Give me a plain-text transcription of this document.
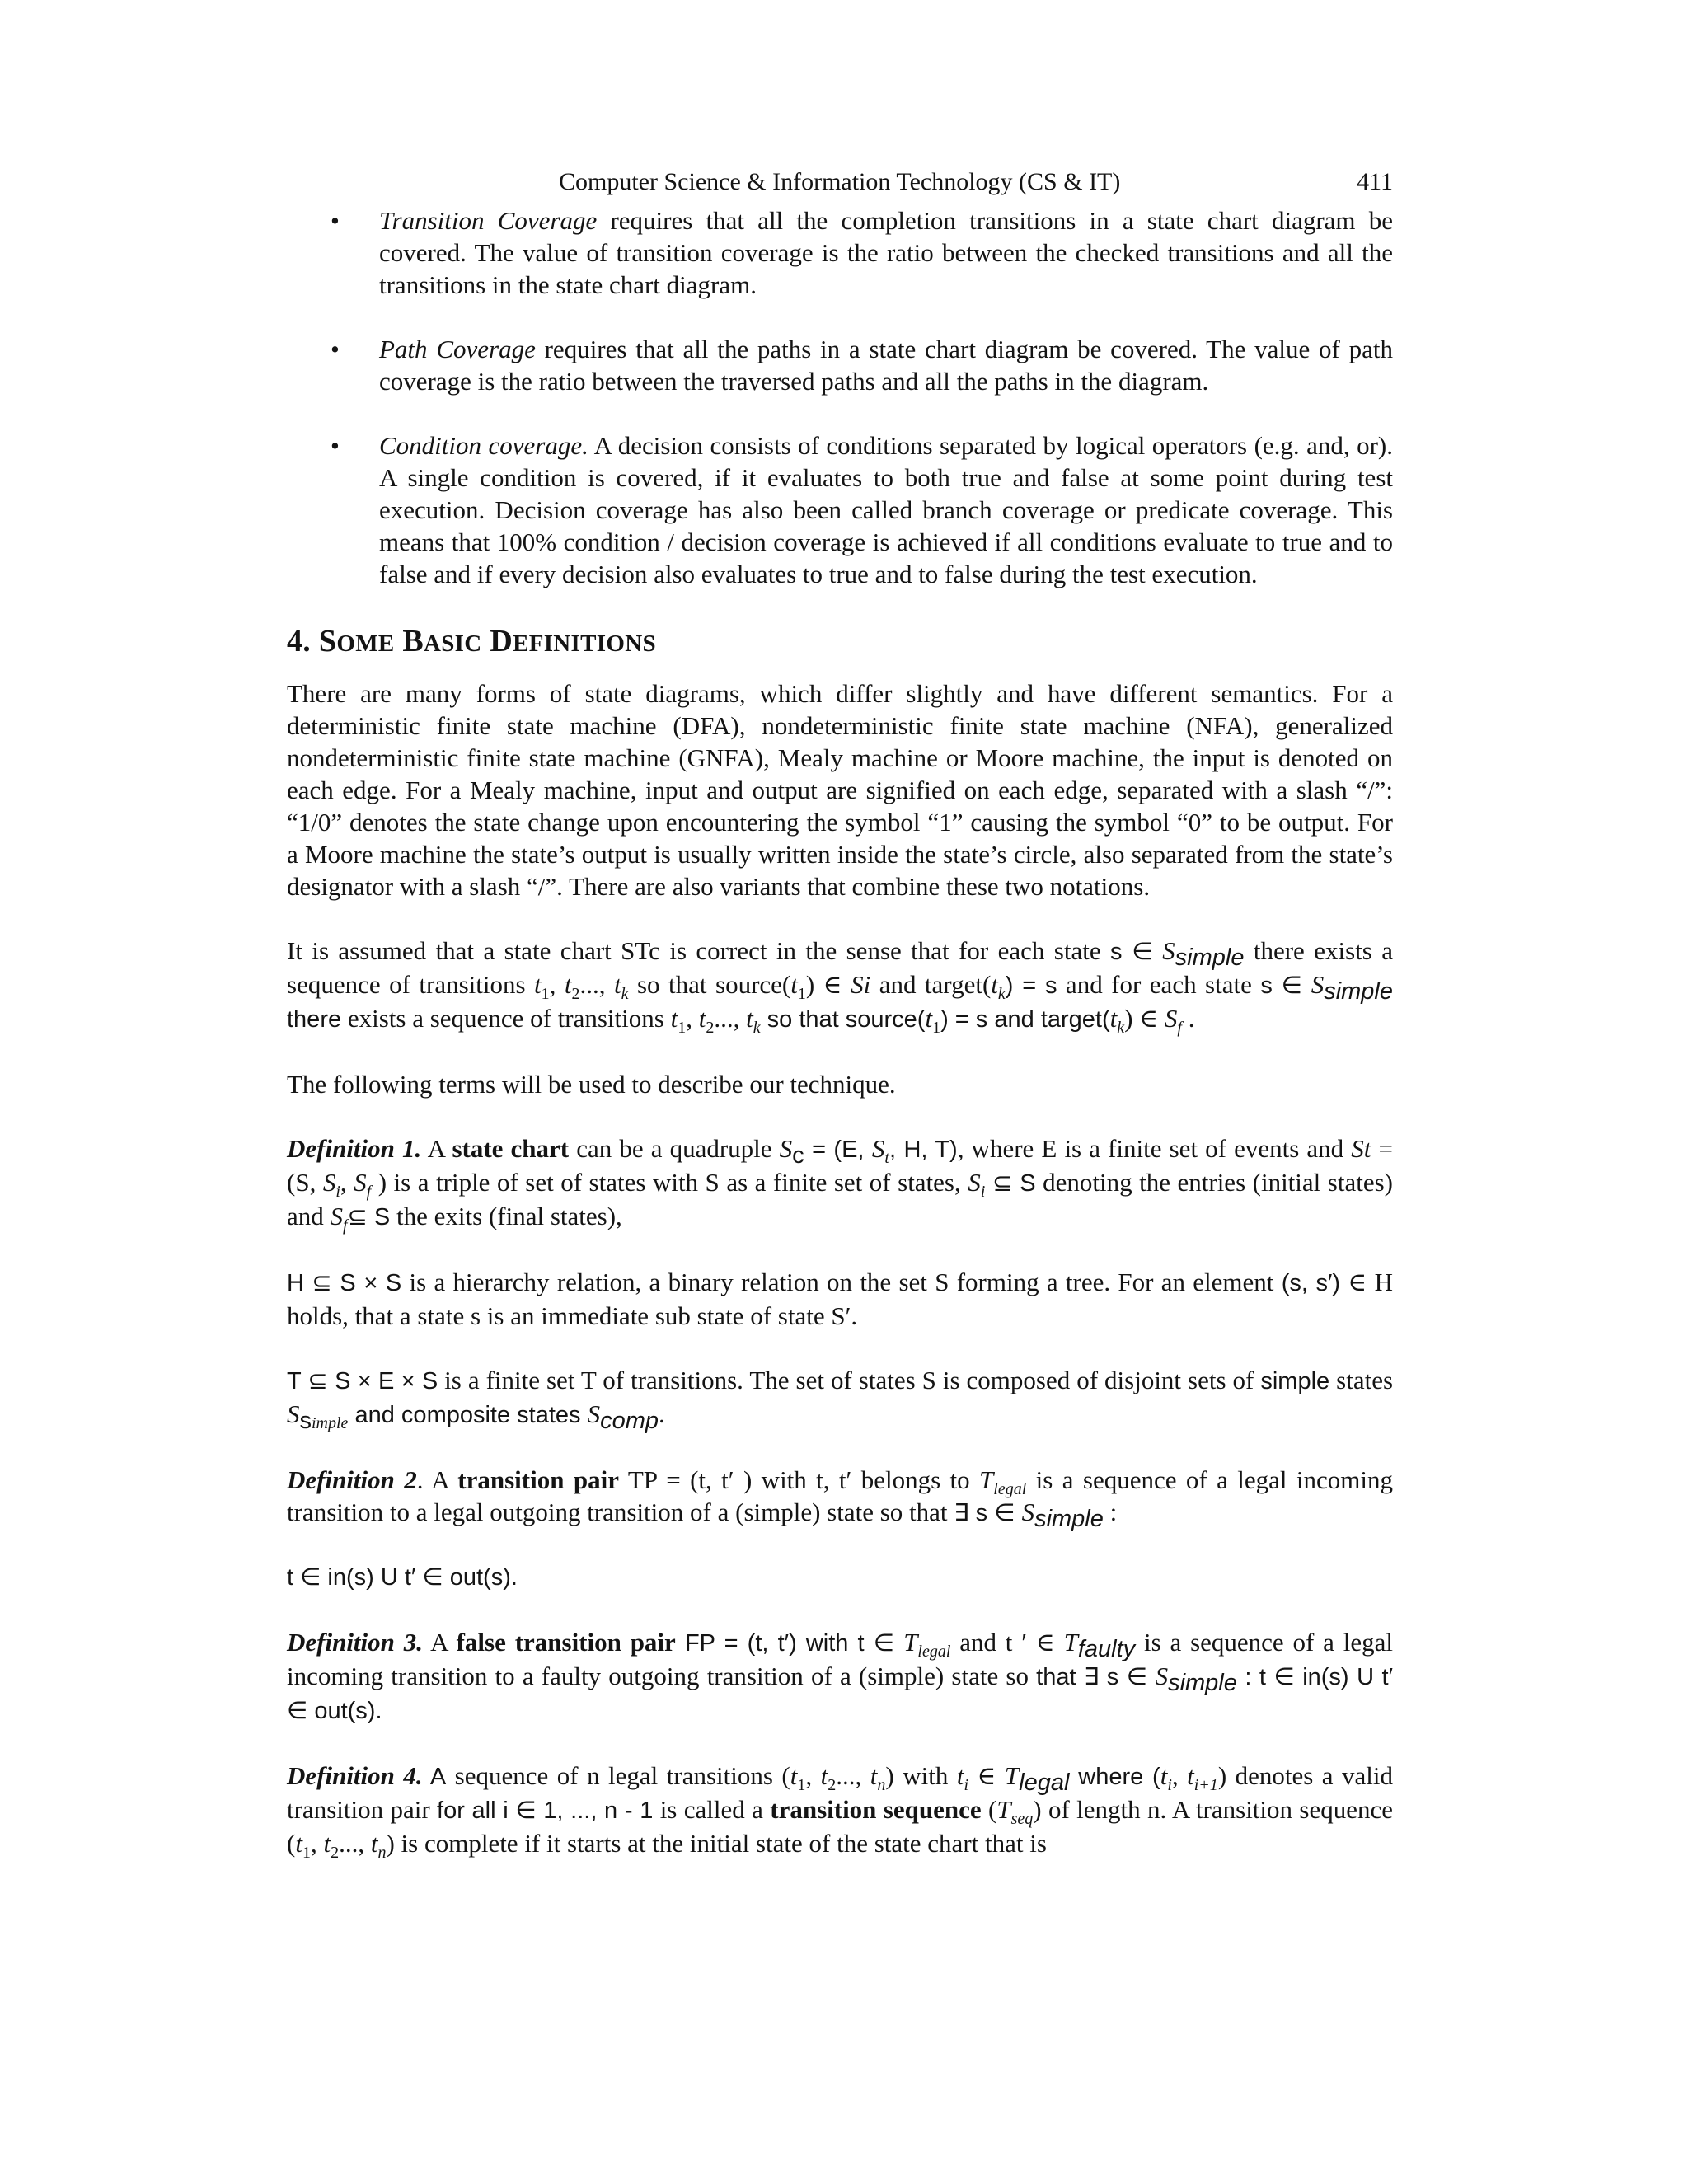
Computer Science & Information Technology (CS & IT)	411
• Transition Coverage requires that all the completion transitions in a state chart diagram be covered. The value of transition coverage is the ratio between the checked transitions and all the transitions in the state chart diagram.
• Path Coverage requires that all the paths in a state chart diagram be covered. The value of path coverage is the ratio between the traversed paths and all the paths in the diagram.
• Condition coverage. A decision consists of conditions separated by logical operators (e.g. and, or). A single condition is covered, if it evaluates to both true and false at some point during test execution. Decision coverage has also been called branch coverage or predicate coverage. This means that 100% condition / decision coverage is achieved if all conditions evaluate to true and to false and if every decision also evaluates to true and to false during the test execution.
4. SOME BASIC DEFINITIONS

There are many forms of state diagrams, which differ slightly and have different semantics. For a deterministic finite state machine (DFA), nondeterministic finite state machine (NFA), generalized nondeterministic finite state machine (GNFA), Mealy machine or Moore machine, the input is denoted on each edge. For a Mealy machine, input and output are signified on each edge, separated with a slash “/”: “1/0” denotes the state change upon encountering the symbol “1” causing the symbol “0” to be output. For a Moore machine the state’s output is usually written inside the state’s circle, also separated from the state’s designator with a slash “/”. There are also variants that combine these two notations.

It is assumed that a state chart STc is correct in the sense that for each state s ∈ $S_{simple}$ there exists a sequence of transitions $t_1$, $t_2$..., $t_k$ so that $source(t_1)$ ∈ Si and $target(t_k) = s$ and for each state s ∈ $S_{simple}$ there exists a sequence of transitions $t_1$, $t_2$..., $t_k$ so that $source(t_1) = s$ and $target(t_k)$ ∈ $S_f$ .

The following terms will be used to describe our technique.

Definition 1. A state chart can be a quadruple $S_c = (E$, $S_t$, H, T), where E is a finite set of events and St = (S, $S_i$, $S_f$ ) is a triple of set of states with S as a finite set of states, $S_i$ ⊆ S denoting the entries (initial states) and $S_f⊆$ S the exits (final states),

H ⊆ S × S is a hierarchy relation, a binary relation on the set S forming a tree. For an element (s, s′) ∈ H holds, that a state s is an immediate sub state of state S′.

T ⊆ S × E × S is a finite set T of transitions. The set of states S is composed of disjoint sets of simple states $S_{simple}$ and composite states $S_{comp}$.

Definition 2. A transition pair TP = (t, t′ ) with t, t′ belongs to $T_{legal}$ is a sequence of a legal incoming transition to a legal outgoing transition of a (simple) state so that ∃ s ∈ $S_{simple}$ :

t ∈ in(s) U t′ ∈ out(s).

Definition 3. A false transition pair FP = (t, t′) with t ∈ $T_{legal}$ and t ′ ∈ $T_{faulty}$ is a sequence of a legal incoming transition to a faulty outgoing transition of a (simple) state so that ∃ s ∈ $S_{simple}$ : t ∈ in(s) U t′ ∈ out(s).

Definition 4. A sequence of n legal transitions ($t_1$, $t_2$..., $t_n$) with $t_i$ ∈ $T_{legal}$ where ($t_i$, $t_{i+1}$) denotes a valid transition pair for all i ∈ 1, ..., n - 1 is called a transition sequence $(T_{seq})$ of length n. A transition sequence ($t_1$, $t_2$..., $t_n$) is complete if it starts at the initial state of the state chart that is
